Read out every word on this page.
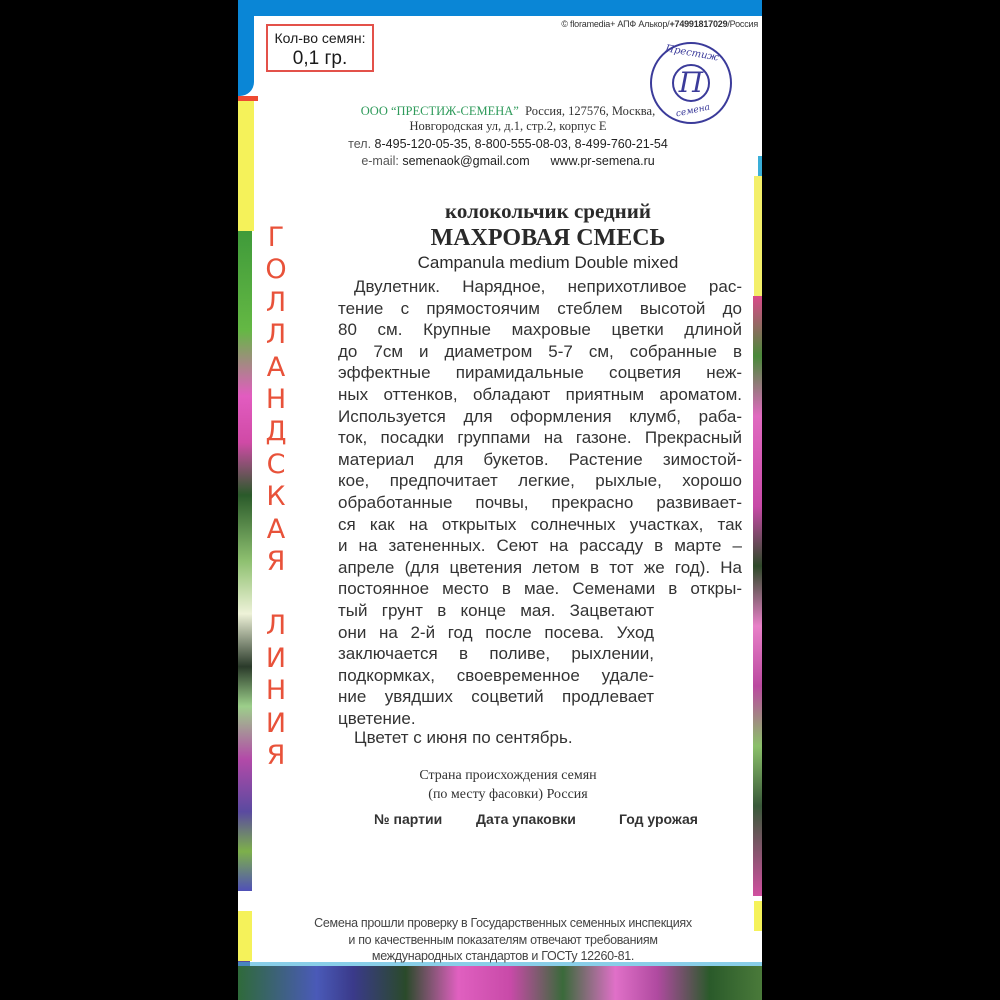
Кол-во семян:
0,1 гр.
© floramedia+ АПФ Алькор/+74991817029/Россия
Престиж
П
семена
ООО “ПРЕСТИЖ-СЕМЕНА” Россия, 127576, Москва,
Новгородская ул, д.1, стр.2, корпус Е
тел. 8-495-120-05-35, 8-800-555-08-03, 8-499-760-21-54
e-mail: semenaok@gmail.com www.pr-semena.ru
Г
О
Л
Л
А
Н
Д
С
К
А
Я
Л
И
Н
И
Я
колокольчик средний
МАХРОВАЯ СМЕСЬ
Campanula medium Double mixed
Двулетник. Нарядное, неприхотливое рас-
тение с прямостоячим стеблем высотой до
80 см. Крупные махровые цветки длиной
до 7см и диаметром 5-7 см, собранные в
эффектные пирамидальные соцветия неж-
ных оттенков, обладают приятным ароматом.
Используется для оформления клумб, раба-
ток, посадки группами на газоне. Прекрасный
материал для букетов. Растение зимостой-
кое, предпочитает легкие, рыхлые, хорошо
обработанные почвы, прекрасно развивает-
ся как на открытых солнечных участках, так
и на затененных. Сеют на рассаду в марте –
апреле (для цветения летом в тот же год). На
постоянное место в мае. Семенами в откры-
тый грунт в конце мая. Зацветают
они на 2-й год после посева. Уход
заключается в поливе, рыхлении,
подкормках, своевременное удале-
ние увядших соцветий продлевает
цветение.
Цветет с июня по сентябрь.
Страна происхождения семян
(по месту фасовки) Россия
№ партии Дата упаковки	Год урожая
Семена прошли проверку в Государственных семенных инспекциях
и по качественным показателям отвечают требованиям
международных стандартов и ГОСТу 12260-81.
